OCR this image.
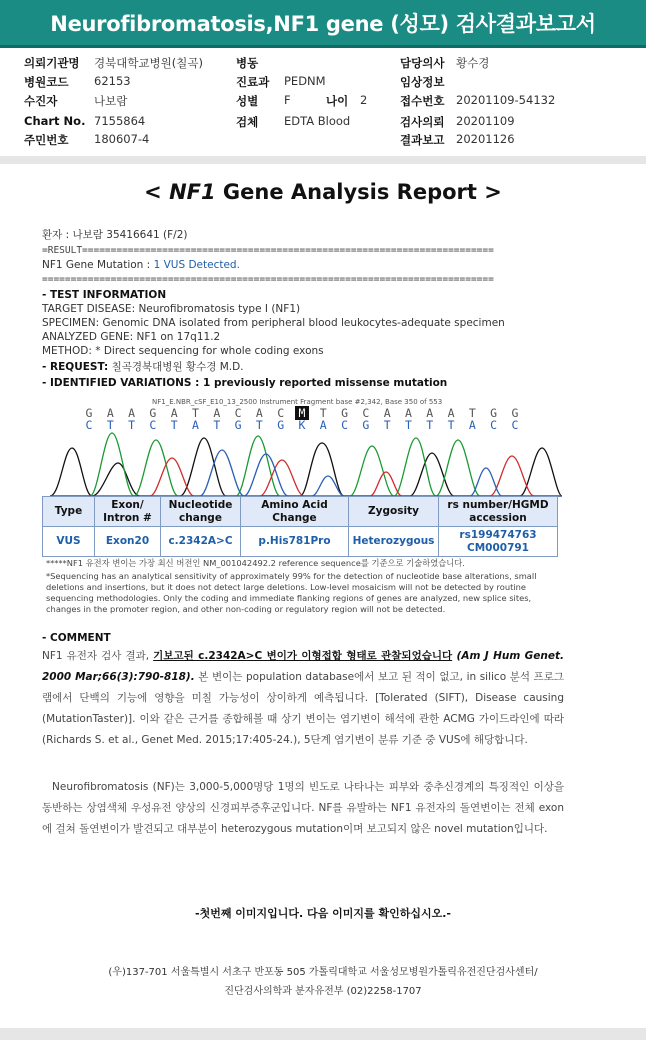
Neurofibromatosis,NF1 gene (성모) 검사결과보고서
의뢰기관명 경북대학교병원(칠곡)	병동	담당의사 황수경
병원코드 62153	진료과 PEDNM	임상정보
수진자	나보람	성별 F	나이 2	접수번호 20201109-54132
Chart No. 7155864	검체 EDTA Blood	검사의뢰 20201109
주민번호 180607-4	결과보고 20201126
< NF1 Gene Analysis Report >
환자 : 나보람 35416641 (F/2)
=RESULT========================================================================
NF1 Gene Mutation : 1 VUS Detected.
===============================================================================
- TEST INFORMATION
TARGET DISEASE: Neurofibromatosis type I (NF1)
SPECIMEN: Genomic DNA isolated from peripheral blood leukocytes-adequate specimen
ANALYZED GENE: NF1 on 17q11.2
METHOD: * Direct sequencing for whole coding exons
- REQUEST: 칠곡경북대병원 황수경 M.D.
- IDENTIFIED VARIATIONS : 1 previously reported missense mutation
NF1_E.NBR_cSF_E10_13_2500 Instrument Fragment base #2,342, Base 350 of 553
G	A	A	G	A	T	A	C	A	C	M	T	G	C	A	A	A	A	T	G	G
C	T	T	C	T	A	T	G	T	G	K	A	C	G	T	T	T	T	A	C	C
Type	Exon/ Intron #	Nucleotide change	Amino Acid Change	Zygosity	rs number/HGMD accession
VUS	Exon20	c.2342A>C	p.His781Pro	Heterozygous	rs199474763 CM000791
*****NF1 유전자 변이는 가장 최신 버전인 NM_001042492.2 reference sequence를 기준으로 기술하였습니다.
*Sequencing has an analytical sensitivity of approximately 99% for the detection of nucleotide base alterations, small deletions and insertions, but it does not detect large deletions. Low-level mosaicism will not be detected by routine sequencing methodologies. Only the coding and immediate flanking regions of genes are analyzed, new splice sites, changes in the promoter region, and other non-coding or regulatory region will not be detected.
- COMMENT
NF1 유전자 검사 결과, 기보고된 c.2342A>C 변이가 이형접합 형태로 관찰되었습니다 (Am J Hum Genet. 2000 Mar;66(3):790-818). 본 변이는 population database에서 보고 된 적이 없고, in silico 분석 프로그램에서 단백의 기능에 영향을 미칠 가능성이 상이하게 예측됩니다. [Tolerated (SIFT), Disease causing (MutationTaster)]. 이와 같은 근거를 종합해볼 때 상기 변이는 염기변이 해석에 관한 ACMG 가이드라인에 따라 (Richards S. et al., Genet Med. 2015;17:405-24.), 5단계 염기변이 분류 기준 중 VUS에 해당합니다.
Neurofibromatosis (NF)는 3,000-5,000명당 1명의 빈도로 나타나는 피부와 중추신경계의 특징적인 이상을 동반하는 상염색체 우성유전 양상의 신경피부증후군입니다. NF를 유발하는 NF1 유전자의 돌연변이는 전체 exon에 걸쳐 돌연변이가 발견되고 대부분이 heterozygous mutation이며 보고되지 않은 novel mutation입니다.
-첫번째 이미지입니다. 다음 이미지를 확인하십시오.-
(우)137-701 서울특별시 서초구 반포동 505 가톨릭대학교 서울성모병원가톨릭유전진단검사센터/
진단검사의학과 분자유전부 (02)2258-1707
